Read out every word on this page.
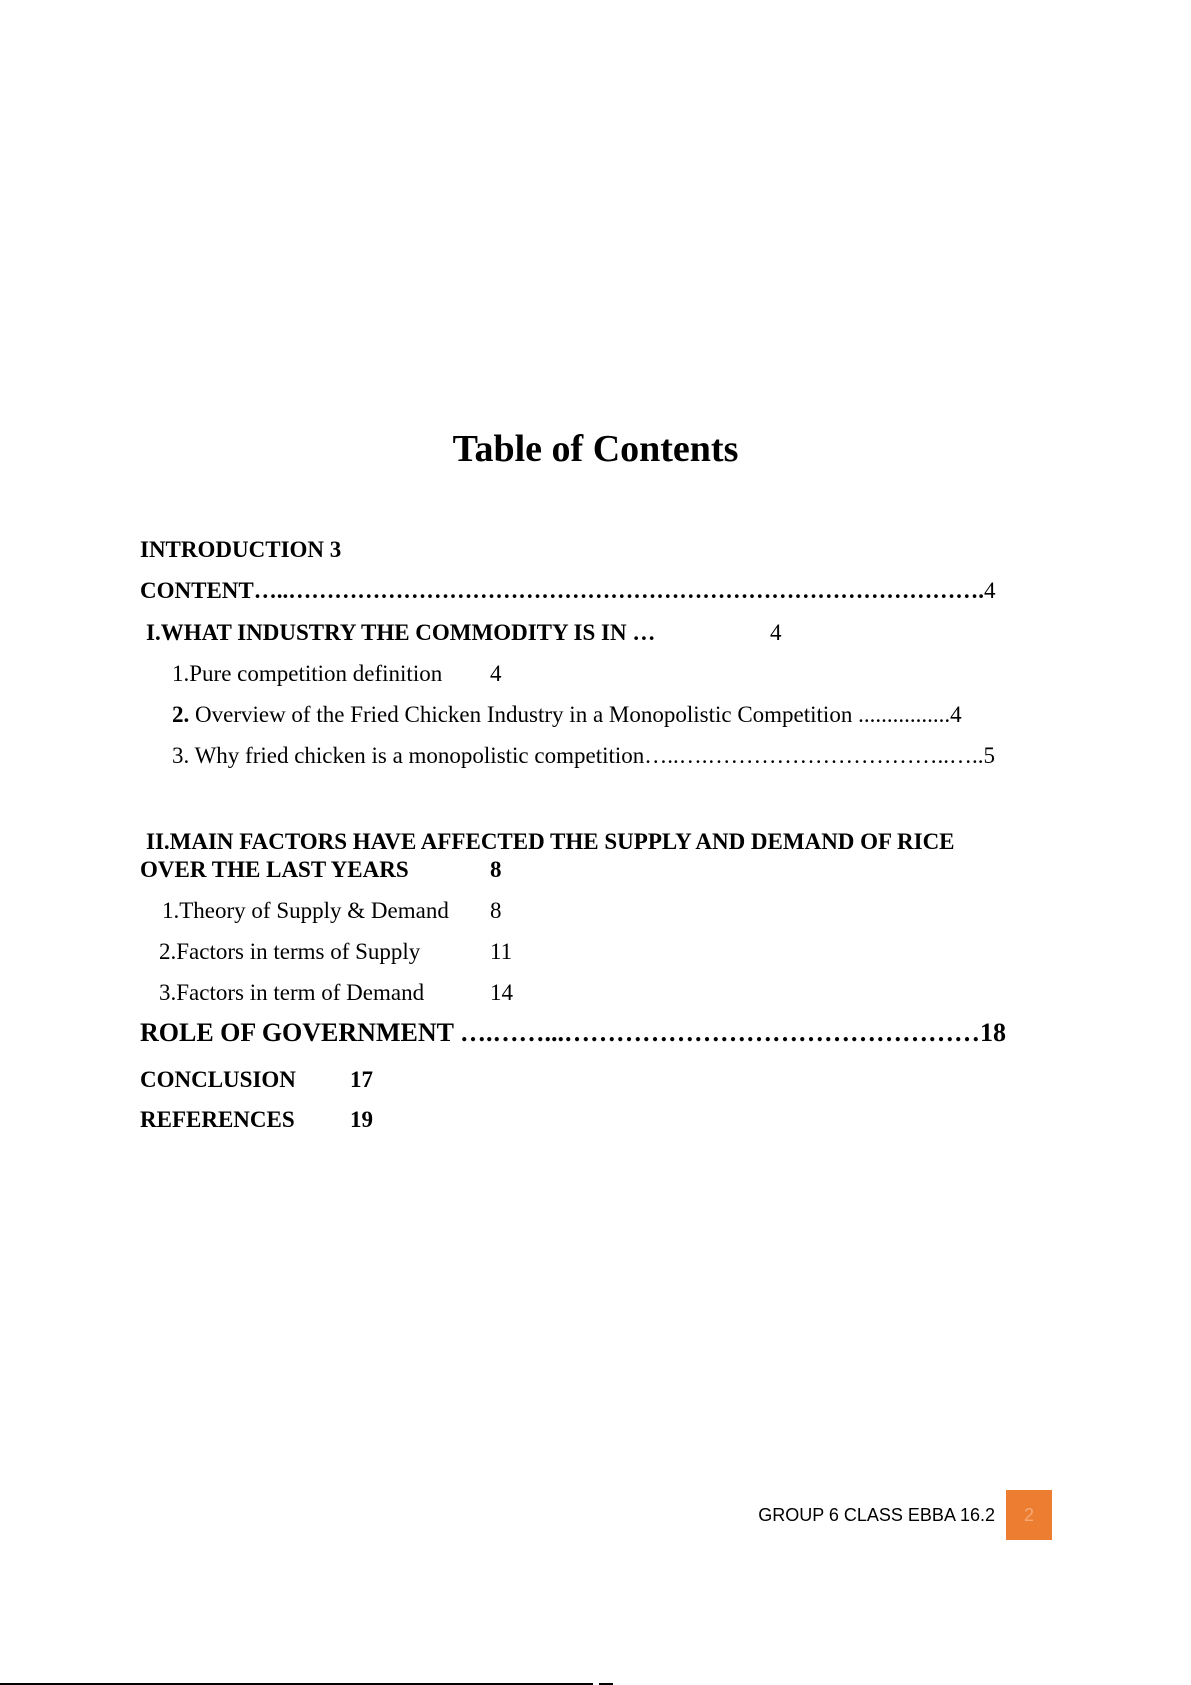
Table of Contents
INTRODUCTION 3
CONTENT…..……………………………………………………………………………….4
I.WHAT INDUSTRY THE COMMODITY IS IN …	4
1.Pure competition definition 4
2. Overview of the Fried Chicken Industry in a Monopolistic Competition ................4
3. Why fried chicken is a monopolistic competition…..….…………………………..…..5
II.MAIN FACTORS HAVE AFFECTED THE SUPPLY AND DEMAND OF RICE
OVER THE LAST YEARS	8
1.Theory of Supply & Demand 8
2.Factors in terms of Supply	11
3.Factors in term of Demand	14
ROLE OF GOVERNMENT ….……...…………………………………………18
CONCLUSION 17
REFERENCES 19
GROUP 6 CLASS EBBA 16.2	2
